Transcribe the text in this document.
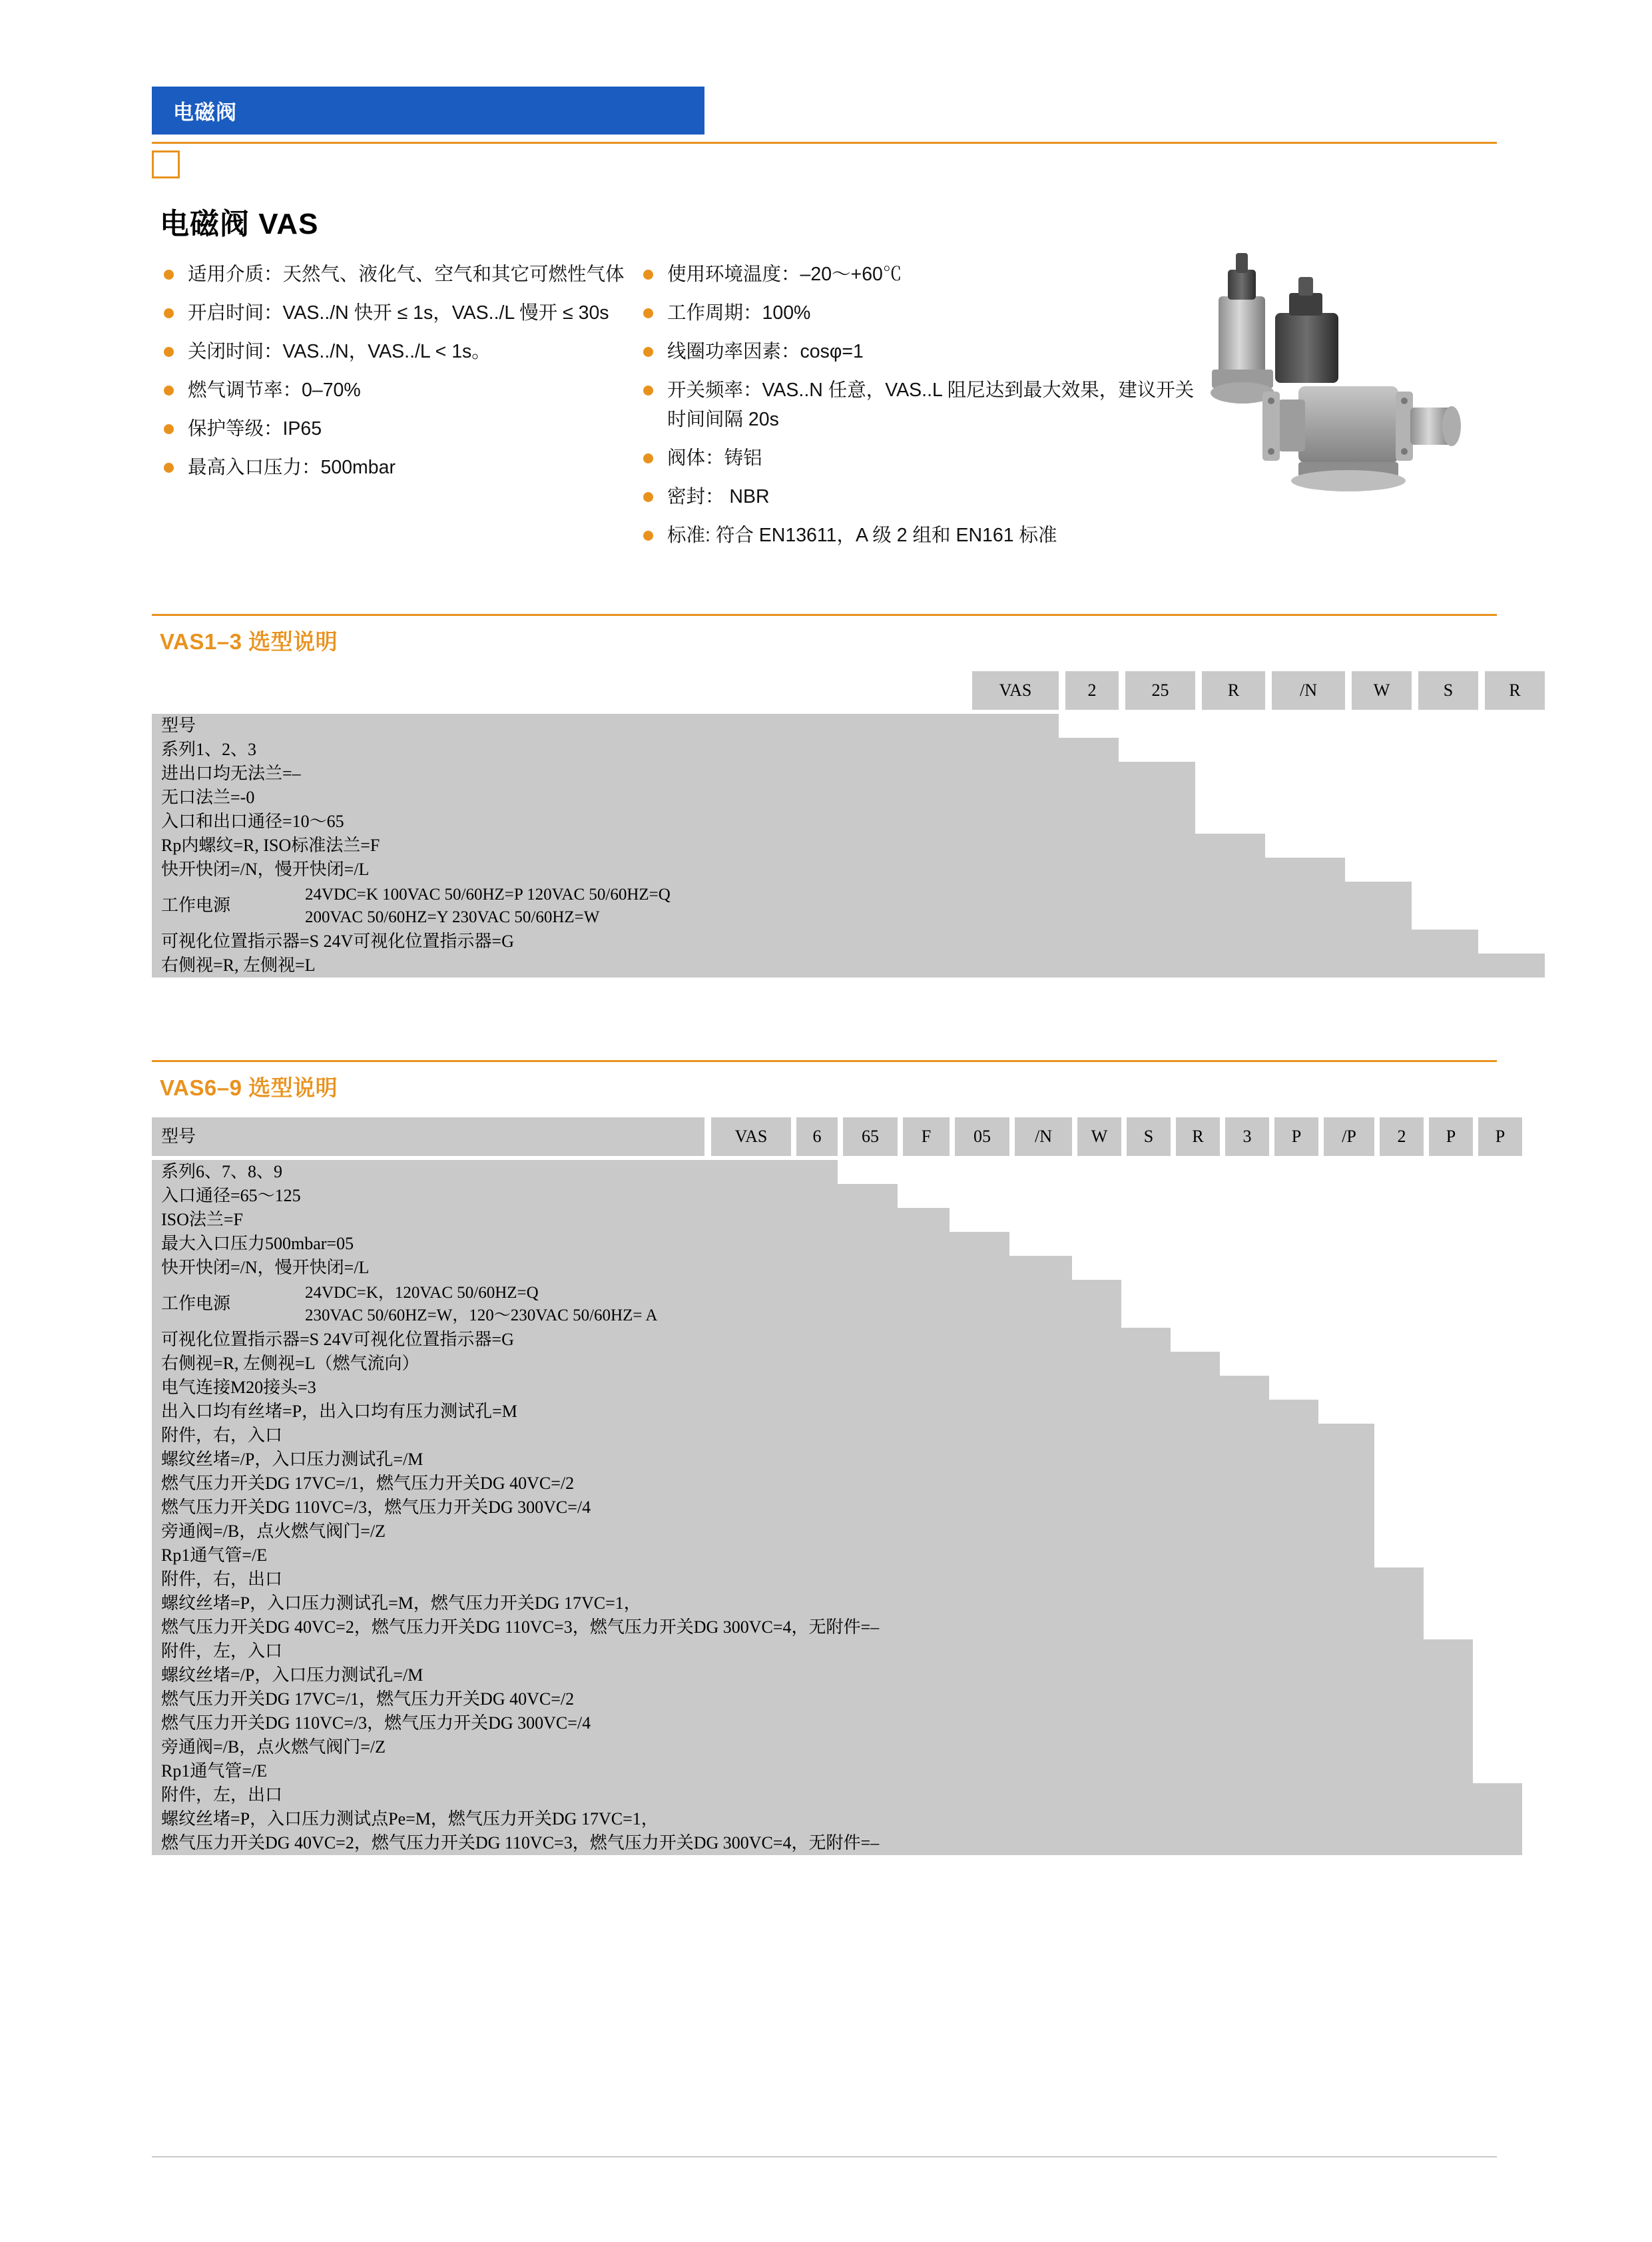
电磁阀
电磁阀 VAS
适用介质：天然气、液化气、空气和其它可燃性气体
开启时间：VAS../N 快开 ≤ 1s，VAS../L 慢开 ≤ 30s
关闭时间：VAS../N，VAS../L < 1s。
燃气调节率：0–70%
保护等级：IP65
最高入口压力：500mbar
使用环境温度：–20～+60℃
工作周期：100%
线圈功率因素：cosφ=1
开关频率：VAS..N 任意，VAS..L 阻尼达到最大效果，建议开关时间间隔 20s
阀体：铸铝
密封： NBR
标准: 符合 EN13611，A 级 2 组和 EN161 标准
VAS1–3 选型说明
VAS	2	25	R	/N	W	S	R
型号
系列1、2、3
进出口均无法兰=–
无口法兰=-0
入口和出口通径=10～65
Rp内螺纹=R, ISO标准法兰=F
快开快闭=/N，慢开快闭=/L
工作电源
24VDC=K 100VAC 50/60HZ=P 120VAC 50/60HZ=Q
200VAC 50/60HZ=Y 230VAC 50/60HZ=W
可视化位置指示器=S 24V可视化位置指示器=G
右侧视=R, 左侧视=L
VAS6–9 选型说明
型号	VAS	6	65	F	05	/N	W	S	R	3	P	/P	2	P	P
系列6、7、8、9
入口通径=65～125
ISO法兰=F
最大入口压力500mbar=05
快开快闭=/N，慢开快闭=/L
工作电源
24VDC=K，120VAC 50/60HZ=Q
230VAC 50/60HZ=W，120～230VAC 50/60HZ= A
可视化位置指示器=S 24V可视化位置指示器=G
右侧视=R, 左侧视=L（燃气流向）
电气连接M20接头=3
出入口均有丝堵=P，出入口均有压力测试孔=M
附件，右，入口
螺纹丝堵=/P，入口压力测试孔=/M
燃气压力开关DG 17VC=/1，燃气压力开关DG 40VC=/2
燃气压力开关DG 110VC=/3，燃气压力开关DG 300VC=/4
旁通阀=/B，点火燃气阀门=/Z
Rp1通气管=/E
附件，右，出口
螺纹丝堵=P，入口压力测试孔=M，燃气压力开关DG 17VC=1，
燃气压力开关DG 40VC=2，燃气压力开关DG 110VC=3，燃气压力开关DG 300VC=4，无附件=–
附件，左，入口
螺纹丝堵=/P，入口压力测试孔=/M
燃气压力开关DG 17VC=/1，燃气压力开关DG 40VC=/2
燃气压力开关DG 110VC=/3，燃气压力开关DG 300VC=/4
旁通阀=/B，点火燃气阀门=/Z
Rp1通气管=/E
附件，左，出口
螺纹丝堵=P，入口压力测试点Pe=M，燃气压力开关DG 17VC=1，
燃气压力开关DG 40VC=2，燃气压力开关DG 110VC=3，燃气压力开关DG 300VC=4，无附件=–
